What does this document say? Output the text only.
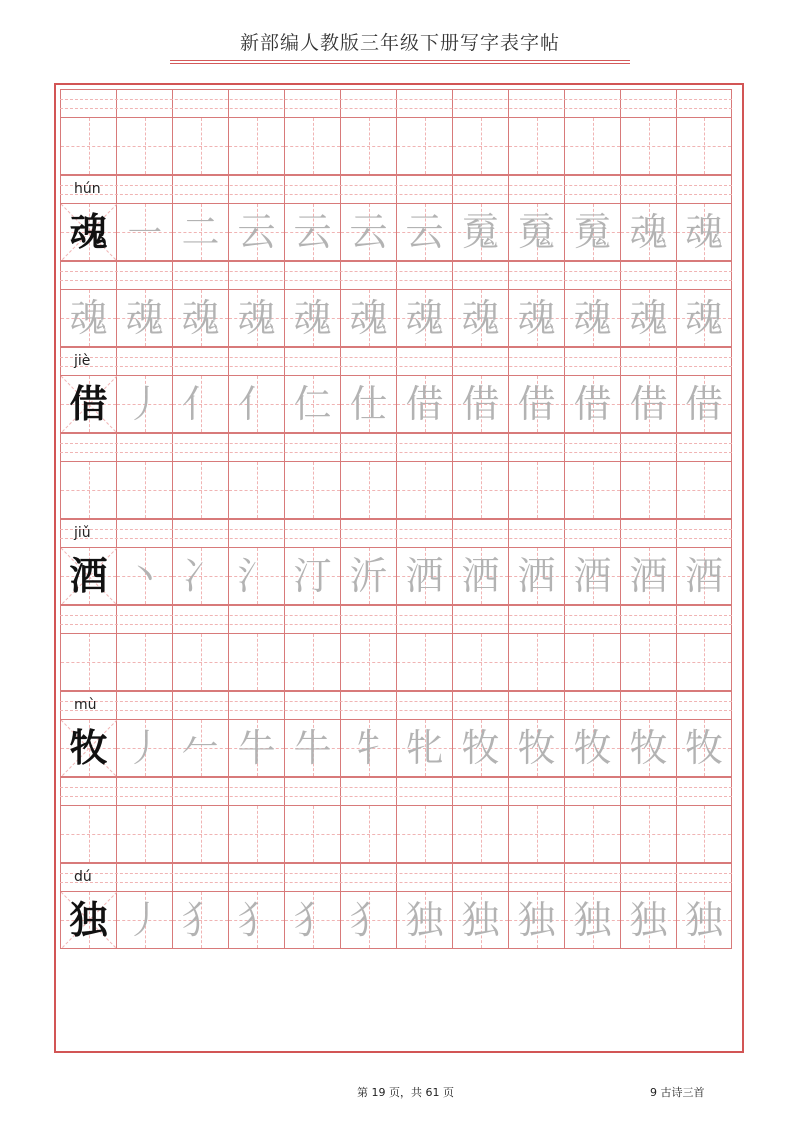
新部编人教版三年级下册写字表字帖
hún
魂 ㇐ 二 云 云 云 云 䰟 䰟 䰟 魂 魂
魂 魂 魂 魂 魂 魂 魂 魂 魂 魂 魂 魂
jiè
借 丿 亻 亻 仁 仕 借 借 借 借 借 借
jiǔ
酒 丶 冫 氵 汀 沂 洒 洒 洒 酒 酒 酒
mù
牧 丿 𠂉 牛 牛 牜 牝 牧 牧 牧 牧 牧
dú
独 丿 犭 犭 犭 犭 独 独 独 独 独 独
第 19 页，共 61 页	9 古诗三首
